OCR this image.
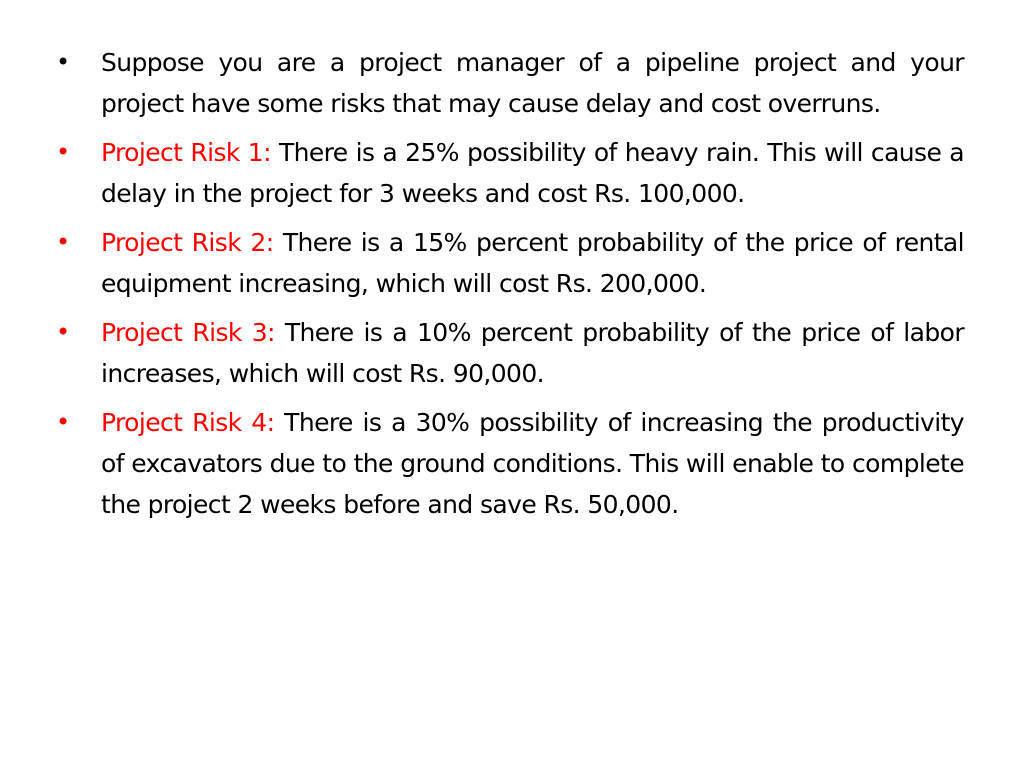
• Suppose you are a project manager of a pipeline project and your project have some risks that may cause delay and cost overruns.
• Project Risk 1: There is a 25% possibility of heavy rain. This will cause a delay in the project for 3 weeks and cost Rs. 100,000.
• Project Risk 2: There is a 15% percent probability of the price of rental equipment increasing, which will cost Rs. 200,000.
• Project Risk 3: There is a 10% percent probability of the price of labor increases, which will cost Rs. 90,000.
• Project Risk 4: There is a 30% possibility of increasing the productivity of excavators due to the ground conditions. This will enable to complete the project 2 weeks before and save Rs. 50,000.
